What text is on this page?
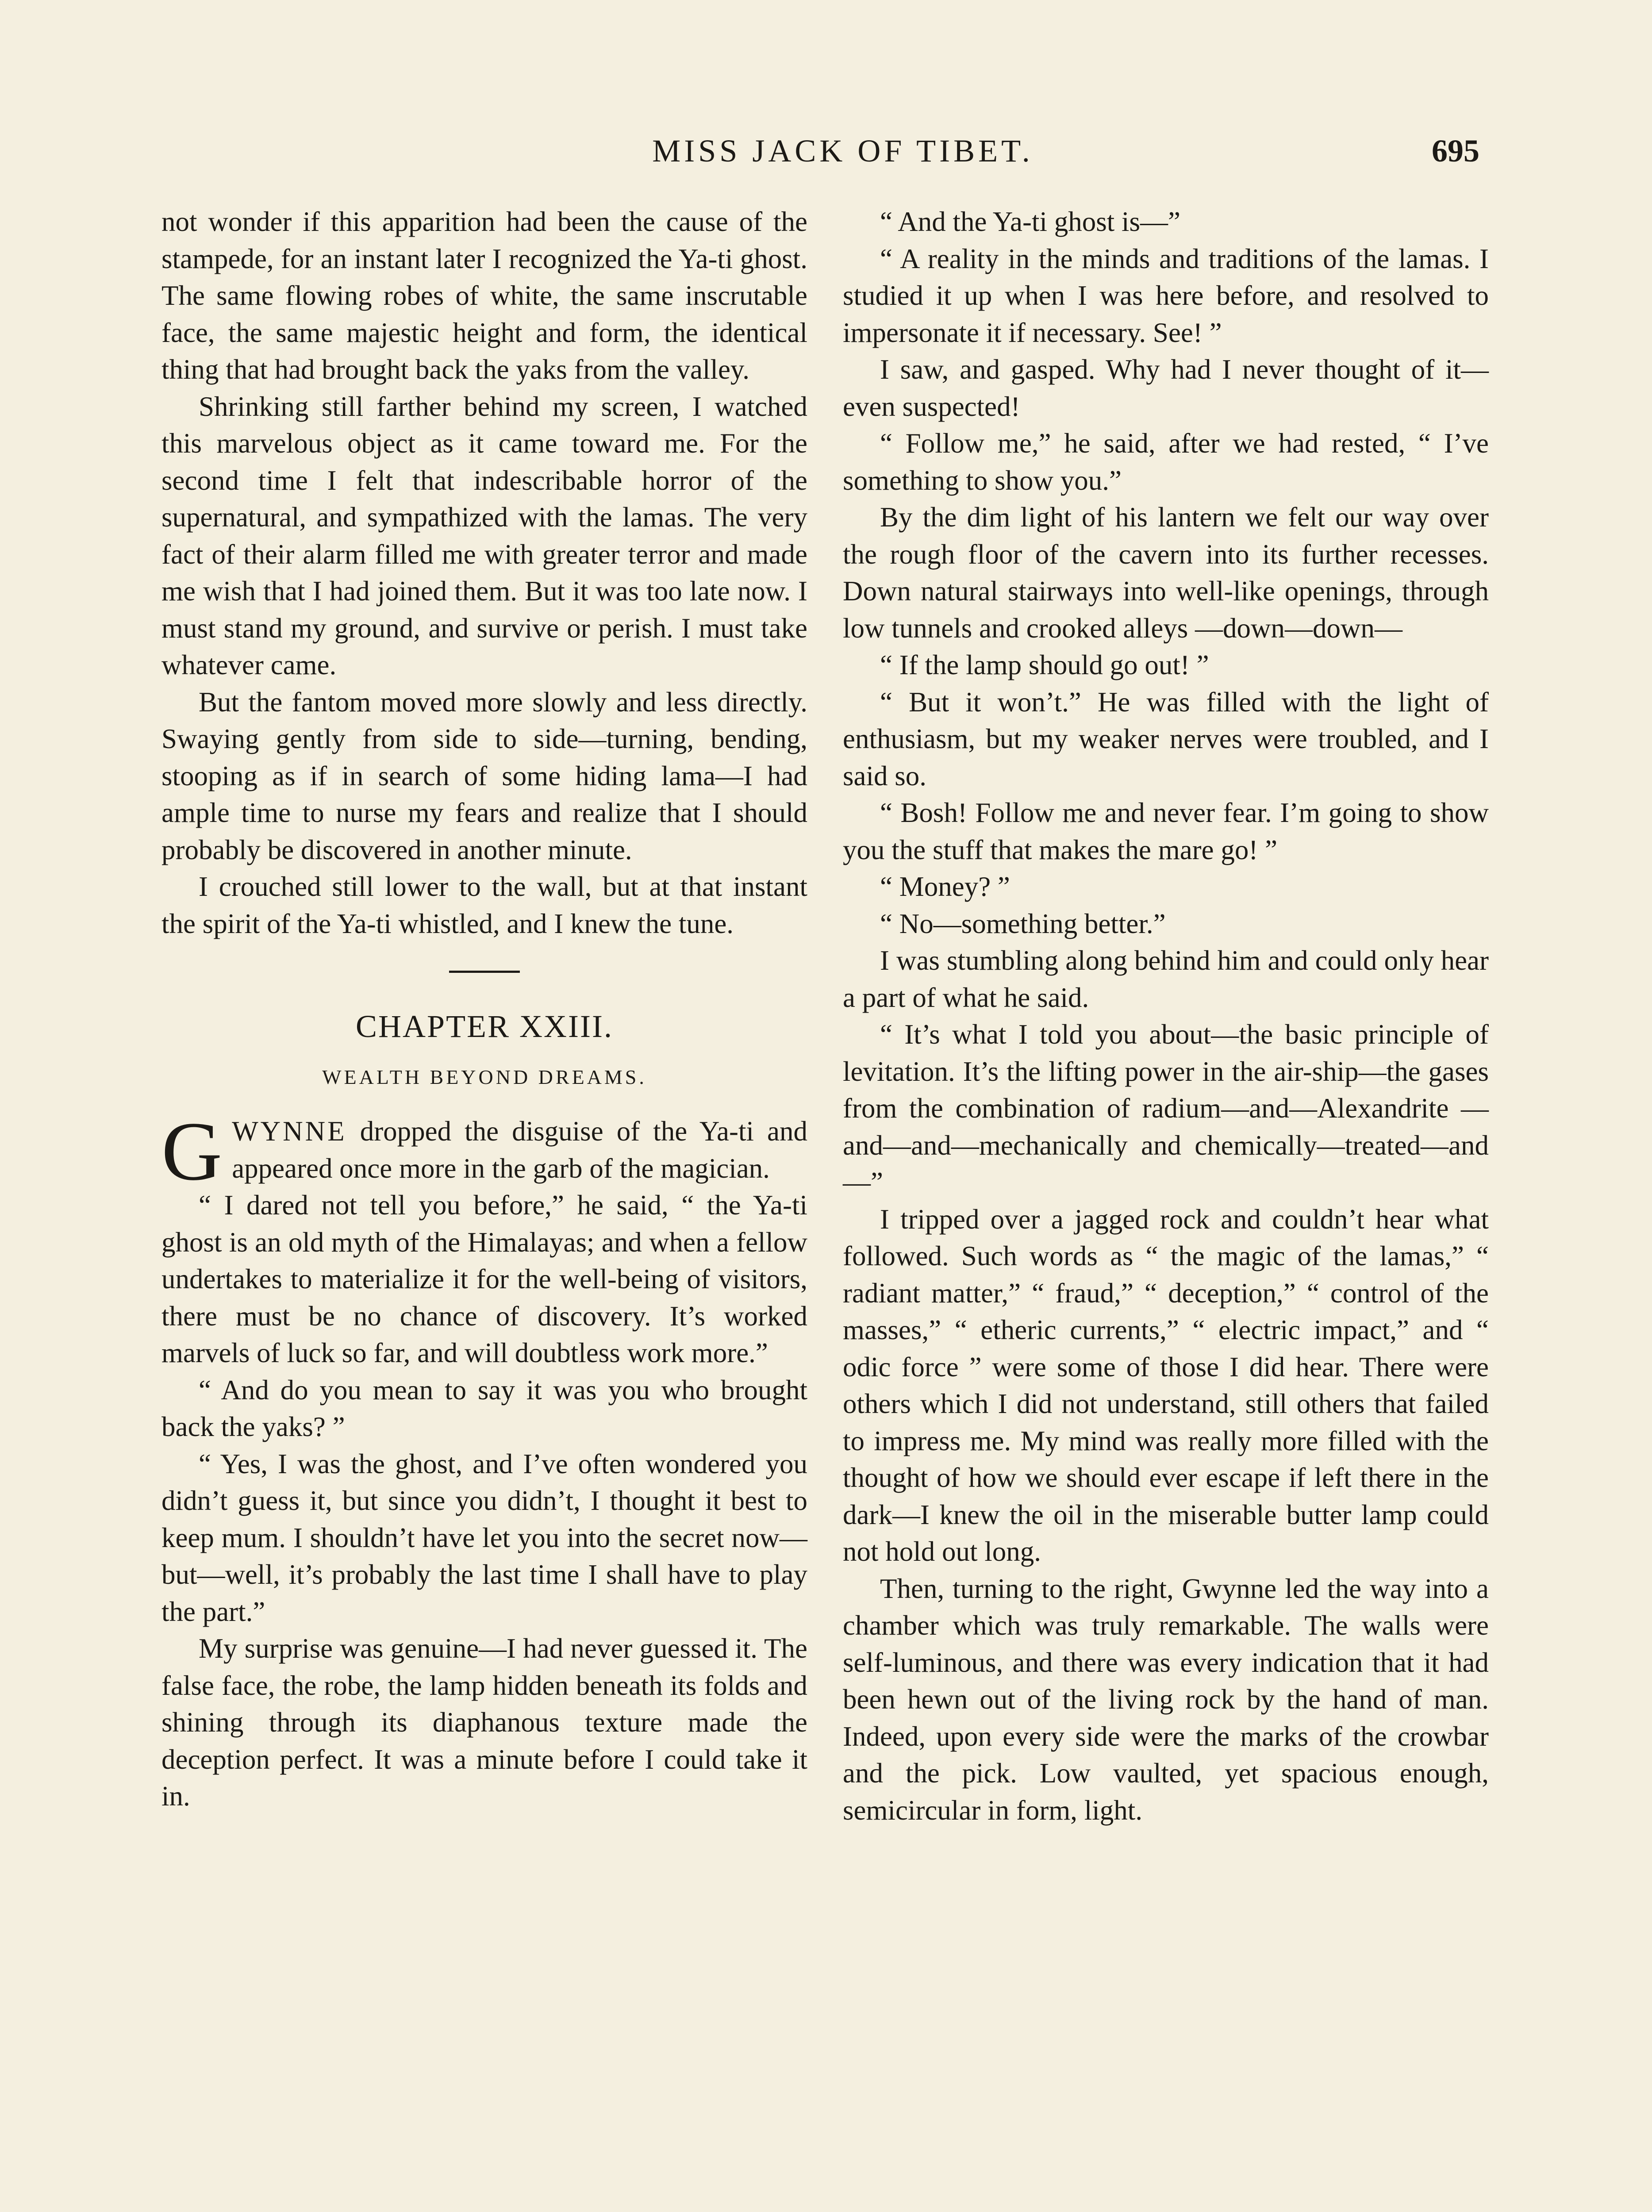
MISS JACK OF TIBET.	695

not wonder if this apparition had been the cause of the stampede, for an instant later I recognized the Ya-ti ghost. The same flowing robes of white, the same inscrutable face, the same majestic height and form, the identical thing that had brought back the yaks from the valley.

Shrinking still farther behind my screen, I watched this marvelous object as it came toward me. For the second time I felt that indescribable horror of the supernatural, and sympathized with the lamas. The very fact of their alarm filled me with greater terror and made me wish that I had joined them. But it was too late now. I must stand my ground, and survive or perish. I must take whatever came.

But the fantom moved more slowly and less directly. Swaying gently from side to side—turning, bending, stooping as if in search of some hiding lama—I had ample time to nurse my fears and realize that I should probably be discovered in another minute.

I crouched still lower to the wall, but at that instant the spirit of the Ya-ti whistled, and I knew the tune.

CHAPTER XXIII.
WEALTH BEYOND DREAMS.

GWYNNE dropped the disguise of the Ya-ti and appeared once more in the garb of the magician.

“ I dared not tell you before,” he said, “ the Ya-ti ghost is an old myth of the Himalayas; and when a fellow undertakes to materialize it for the well-being of visitors, there must be no chance of discovery. It’s worked marvels of luck so far, and will doubtless work more.”

“ And do you mean to say it was you who brought back the yaks? ”

“ Yes, I was the ghost, and I’ve often wondered you didn’t guess it, but since you didn’t, I thought it best to keep mum. I shouldn’t have let you into the secret now—but—well, it’s probably the last time I shall have to play the part.”

My surprise was genuine—I had never guessed it. The false face, the robe, the lamp hidden beneath its folds and shining through its diaphanous texture made the deception perfect. It was a minute before I could take it in.

“ And the Ya-ti ghost is—”

“ A reality in the minds and traditions of the lamas. I studied it up when I was here before, and resolved to impersonate it if necessary. See! ”

I saw, and gasped. Why had I never thought of it—even suspected!

“ Follow me,” he said, after we had rested, “ I’ve something to show you.”

By the dim light of his lantern we felt our way over the rough floor of the cavern into its further recesses. Down natural stairways into well-like openings, through low tunnels and crooked alleys —down—down—

“ If the lamp should go out! ”

“ But it won’t.” He was filled with the light of enthusiasm, but my weaker nerves were troubled, and I said so.

“ Bosh! Follow me and never fear. I’m going to show you the stuff that makes the mare go! ”

“ Money? ”

“ No—something better.”

I was stumbling along behind him and could only hear a part of what he said.

“ It’s what I told you about—the basic principle of levitation. It’s the lifting power in the air-ship—the gases from the combination of radium—and—Alexandrite — and—and—mechanically and chemically—treated—and—”

I tripped over a jagged rock and couldn’t hear what followed. Such words as “ the magic of the lamas,” “ radiant matter,” “ fraud,” “ deception,” “ control of the masses,” “ etheric currents,” “ electric impact,” and “ odic force ” were some of those I did hear. There were others which I did not understand, still others that failed to impress me. My mind was really more filled with the thought of how we should ever escape if left there in the dark—I knew the oil in the miserable butter lamp could not hold out long.

Then, turning to the right, Gwynne led the way into a chamber which was truly remarkable. The walls were self-luminous, and there was every indication that it had been hewn out of the living rock by the hand of man. Indeed, upon every side were the marks of the crowbar and the pick. Low vaulted, yet spacious enough, semicircular in form, light.
